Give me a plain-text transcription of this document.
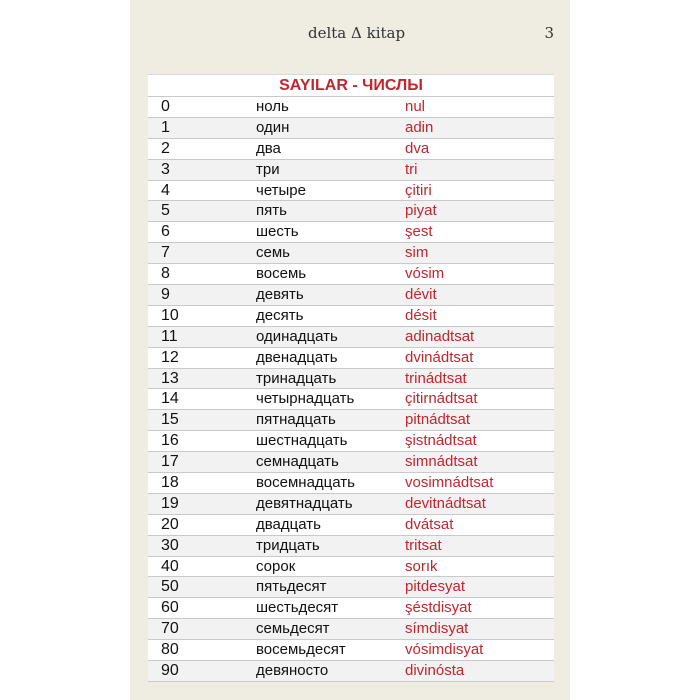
delta Δ kitap	3
SAYILAR - ЧИСЛЫ
0	ноль	nul
1	один	adin
2	два	dva
3	три	tri
4	четыре	çitiri
5	пять	piyat
6	шесть	şest
7	семь	sim
8	восемь	vósim
9	девять	dévit
10	десять	désit
11	одинадцать	adinadtsat
12	двенадцать	dvinádtsat
13	тринадцать	trinádtsat
14	четырнадцать	çitirnádtsat
15	пятнадцать	pitnádtsat
16	шестнадцать	şistnádtsat
17	семнадцать	simnádtsat
18	восемнадцать	vosimnádtsat
19	девятнадцать	devitnádtsat
20	двадцать	dvátsat
30	тридцать	tritsat
40	сорок	sorık
50	пятьдесят	pitdesyat
60	шестьдесят	şéstdisyat
70	семьдесят	símdisyat
80	восемьдесят	vósimdisyat
90	девяносто	divinósta
